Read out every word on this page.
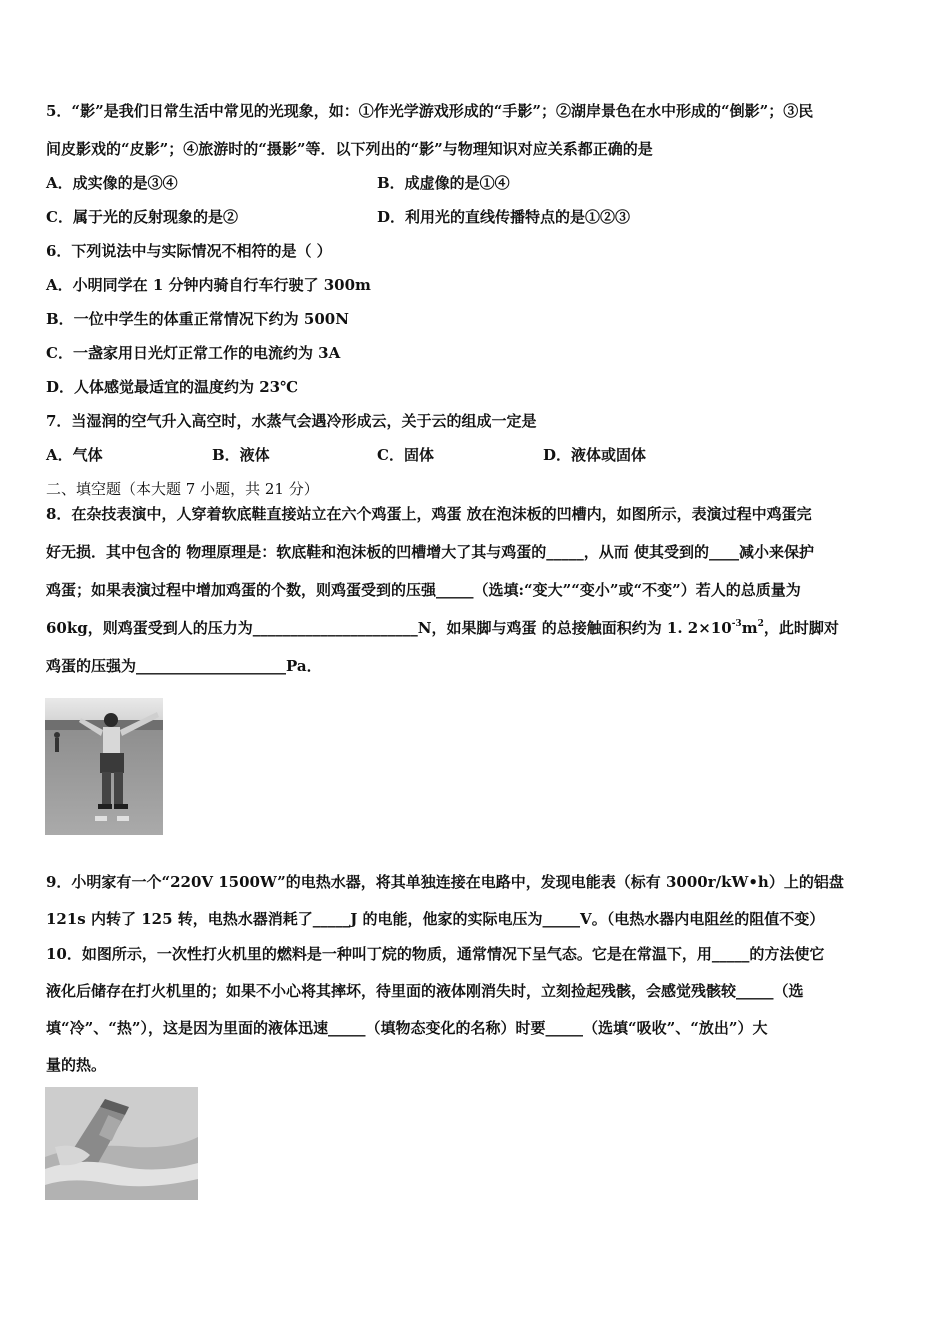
5．“影”是我们日常生活中常见的光现象，如：①作光学游戏形成的“手影”；②湖岸景色在水中形成的“倒影”；③民
间皮影戏的“皮影”；④旅游时的“摄影”等．以下列出的“影”与物理知识对应关系都正确的是
A．成实像的是③④	B．成虚像的是①④
C．属于光的反射现象的是②	D．利用光的直线传播特点的是①②③
6．下列说法中与实际情况不相符的是（ ）
A．小明同学在 1 分钟内骑自行车行驶了 300m
B．一位中学生的体重正常情况下约为 500N
C．一盏家用日光灯正常工作的电流约为 3A
D．人体感觉最适宜的温度约为 23℃
7．当湿润的空气升入高空时，水蒸气会遇冷形成云，关于云的组成一定是
A．气体	B．液体	C．固体	D．液体或固体
二、填空题（本大题 7 小题，共 21 分）
8．在杂技表演中，人穿着软底鞋直接站立在六个鸡蛋上，鸡蛋 放在泡沫板的凹槽内，如图所示，表演过程中鸡蛋完
好无损．其中包含的 物理原理是：软底鞋和泡沫板的凹槽增大了其与鸡蛋的_____，从而 使其受到的____减小来保护
鸡蛋；如果表演过程中增加鸡蛋的个数，则鸡蛋受到的压强_____（选填:“变大”“变小”或“不变”）若人的总质量为
60kg，则鸡蛋受到人的压力为______________________N，如果脚与鸡蛋 的总接触面积约为 1. $2\times 10^{-3}m^2$，此时脚对
鸡蛋的压强为____________________Pa．
9．小明家有一个“220V 1500W”的电热水器，将其单独连接在电路中，发现电能表（标有 3000r/kW•h）上的铝盘
121s 内转了 125 转，电热水器消耗了_____J 的电能，他家的实际电压为_____V。（电热水器内电阻丝的阻值不变）
10．如图所示，一次性打火机里的燃料是一种叫丁烷的物质，通常情况下呈气态。它是在常温下，用_____的方法使它
液化后储存在打火机里的；如果不小心将其摔坏，待里面的液体刚消失时，立刻捡起残骸，会感觉残骸较_____（选
填“冷”、“热”），这是因为里面的液体迅速_____（填物态变化的名称）时要_____（选填“吸收”、“放出”）大
量的热。
